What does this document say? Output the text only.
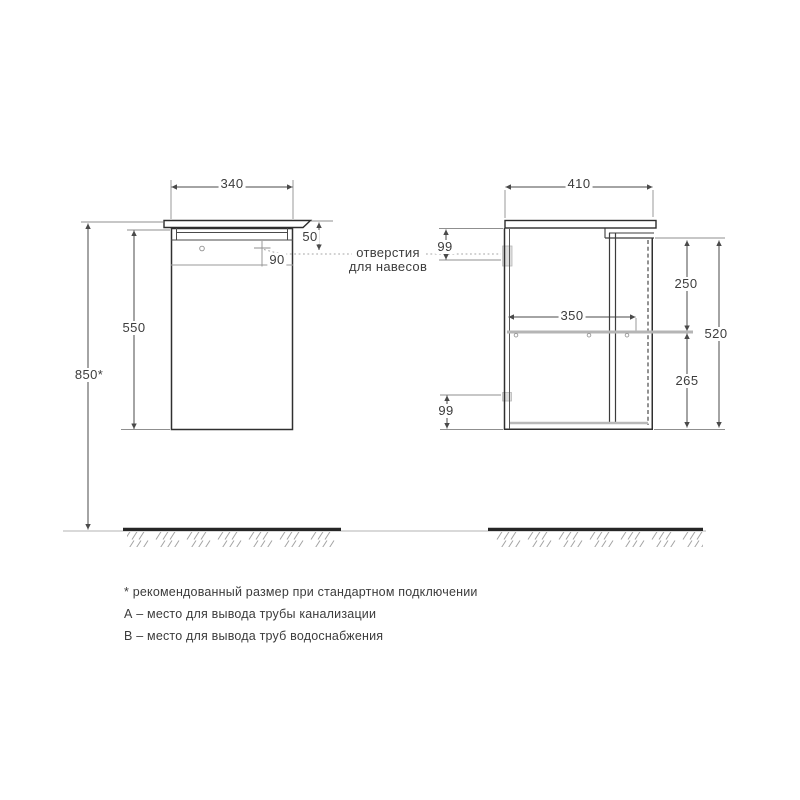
340
50
90
550
850*
410
99
350
250
265
520
99
отверстия
для навесов
* рекомендованный размер при стандартном подключении
А – место для вывода трубы канализации
В – место для вывода труб водоснабжения
